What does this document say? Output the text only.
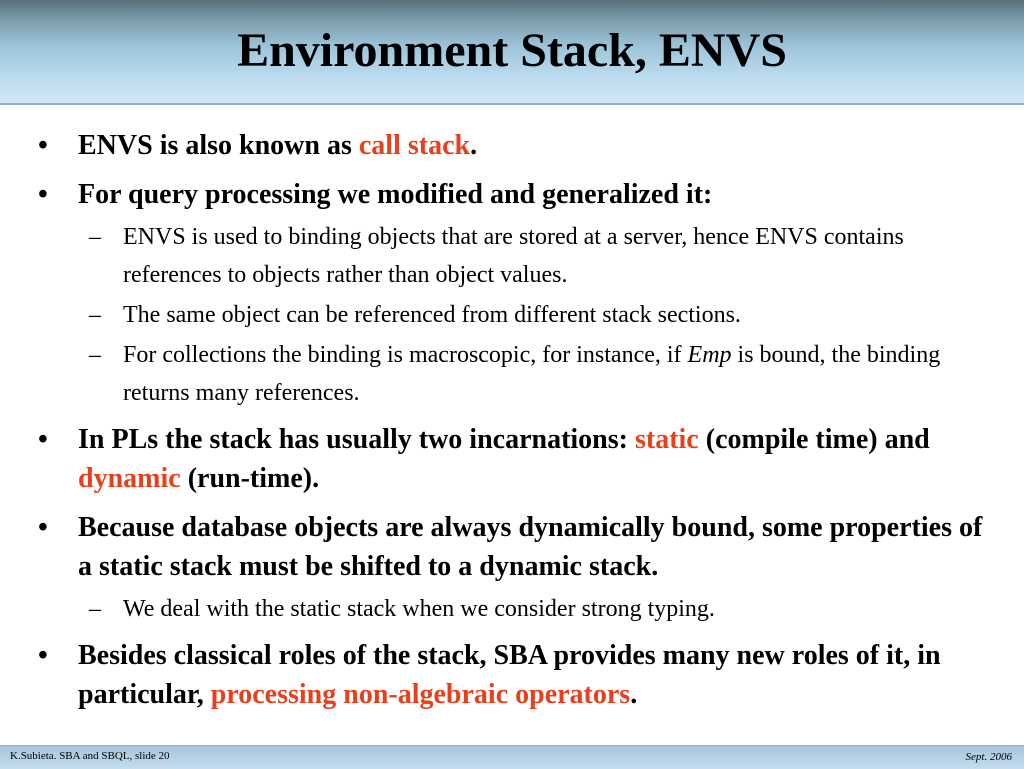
Environment Stack, ENVS
• ENVS is also known as call stack.
• For query processing we modified and generalized it:
– ENVS is used to binding objects that are stored at a server, hence ENVS contains references to objects rather than object values.
– The same object can be referenced from different stack sections.
– For collections the binding is macroscopic, for instance, if Emp is bound, the binding returns many references.
• In PLs the stack has usually two incarnations: static (compile time) and dynamic (run-time).
• Because database objects are always dynamically bound, some properties of a static stack must be shifted to a dynamic stack.
– We deal with the static stack when we consider strong typing.
• Besides classical roles of the stack, SBA provides many new roles of it, in particular, processing non-algebraic operators.
K.Subieta. SBA and SBQL, slide 20	Sept. 2006
